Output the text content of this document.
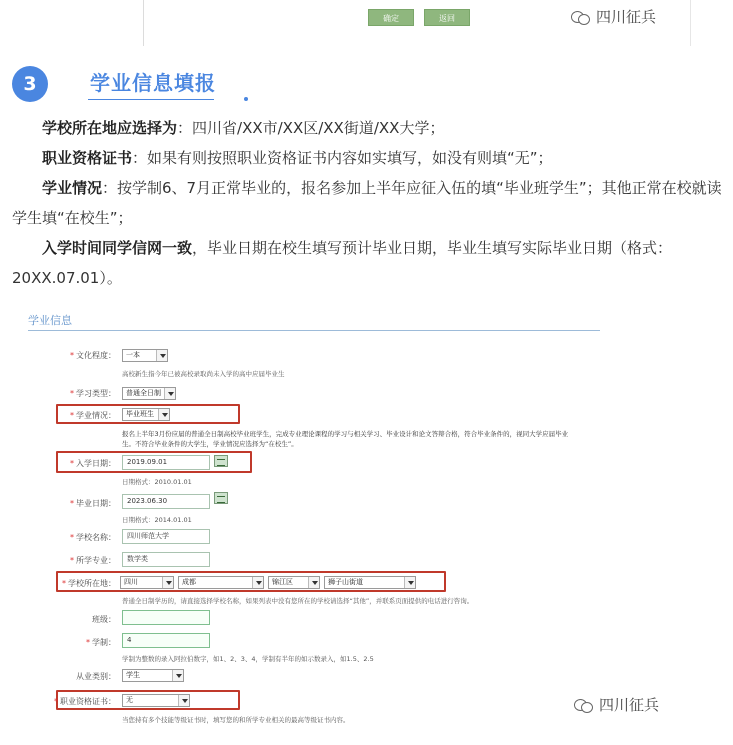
确定	返回	四川征兵
3	学业信息填报
学校所在地应选择为：四川省/XX市/XX区/XX街道/XX大学；
职业资格证书：如果有则按照职业资格证书内容如实填写，如没有则填“无”；
学业情况：按学制6、7月正常毕业的，报名参加上半年应征入伍的填“毕业班学生”；其他正常在校就读学生填“在校生”；
入学时间同学信网一致，毕业日期在校生填写预计毕业日期，毕业生填写实际毕业日期（格式：20XX.07.01）。
学业信息
* 文化程度：	一本
高校新生指今年已被高校录取尚未入学的高中应届毕业生
* 学习类型：	普通全日制
* 学业情况：	毕业班生
报名上半年3月份应届的普通全日制高校毕业班学生，完成专业理论课程的学习与相关学习、毕业设计和论文答辩合格，符合毕业条件的，视同大学应届毕业
生。不符合毕业条件的大学生，学业情况应选择为“在校生”。
* 入学日期：	2019.09.01
日期格式：2010.01.01
* 毕业日期：	2023.06.30
日期格式：2014.01.01
* 学校名称：	四川师范大学
* 所学专业：	数学类
* 学校所在地：	四川	成都	锦江区	狮子山街道
普通全日制学历的，请直接选择学校名称，如果列表中没有您所在的学校请选择“其他”，并联系页面提供的电话进行咨询。
班级：
* 学制：	4
学制为整数的录入阿拉伯数字，如1、2、3、4，学制有半年的如示数录入，如1.5、2.5
从业类别：	学生
* 职业资格证书：	无
当您持有多个技能等级证书时，填写您的和所学专业相关的最高等级证书内容。
四川征兵
